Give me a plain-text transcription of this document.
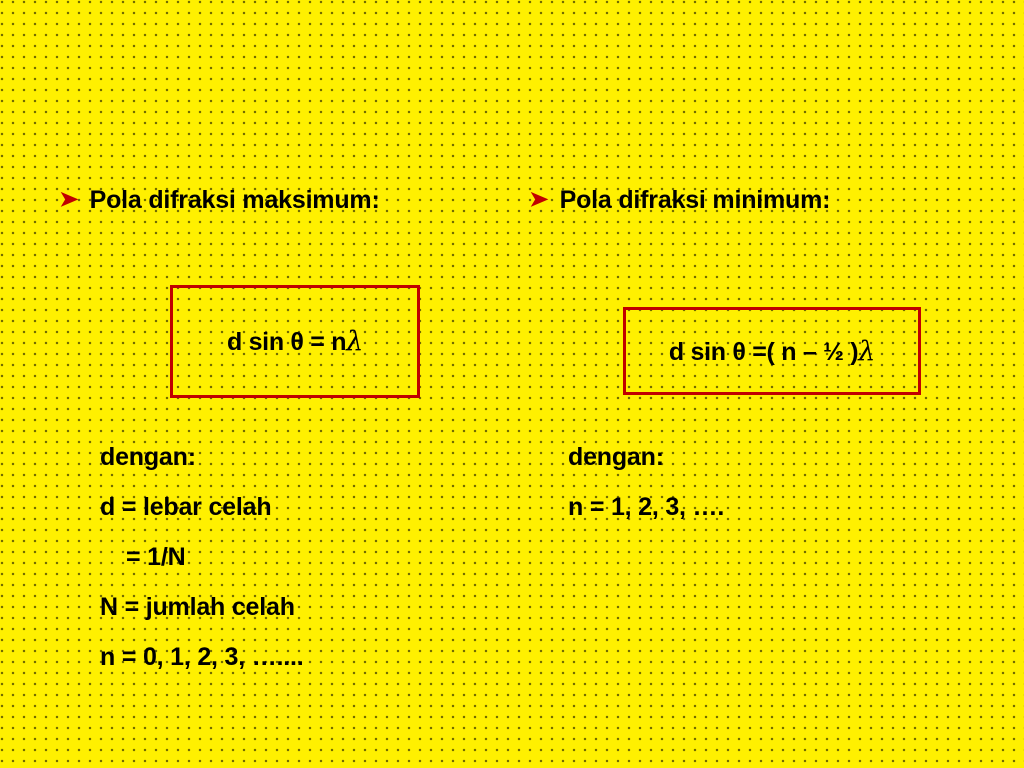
➤ Pola difraksi maksimum:
d sin θ = nλ
dengan:
d = lebar celah
= 1/N
N = jumlah celah
n = 0, 1, 2, 3, …....
➤ Pola difraksi minimum:
d sin θ =( n – ½ )λ
dengan:
n = 1, 2, 3, ….
